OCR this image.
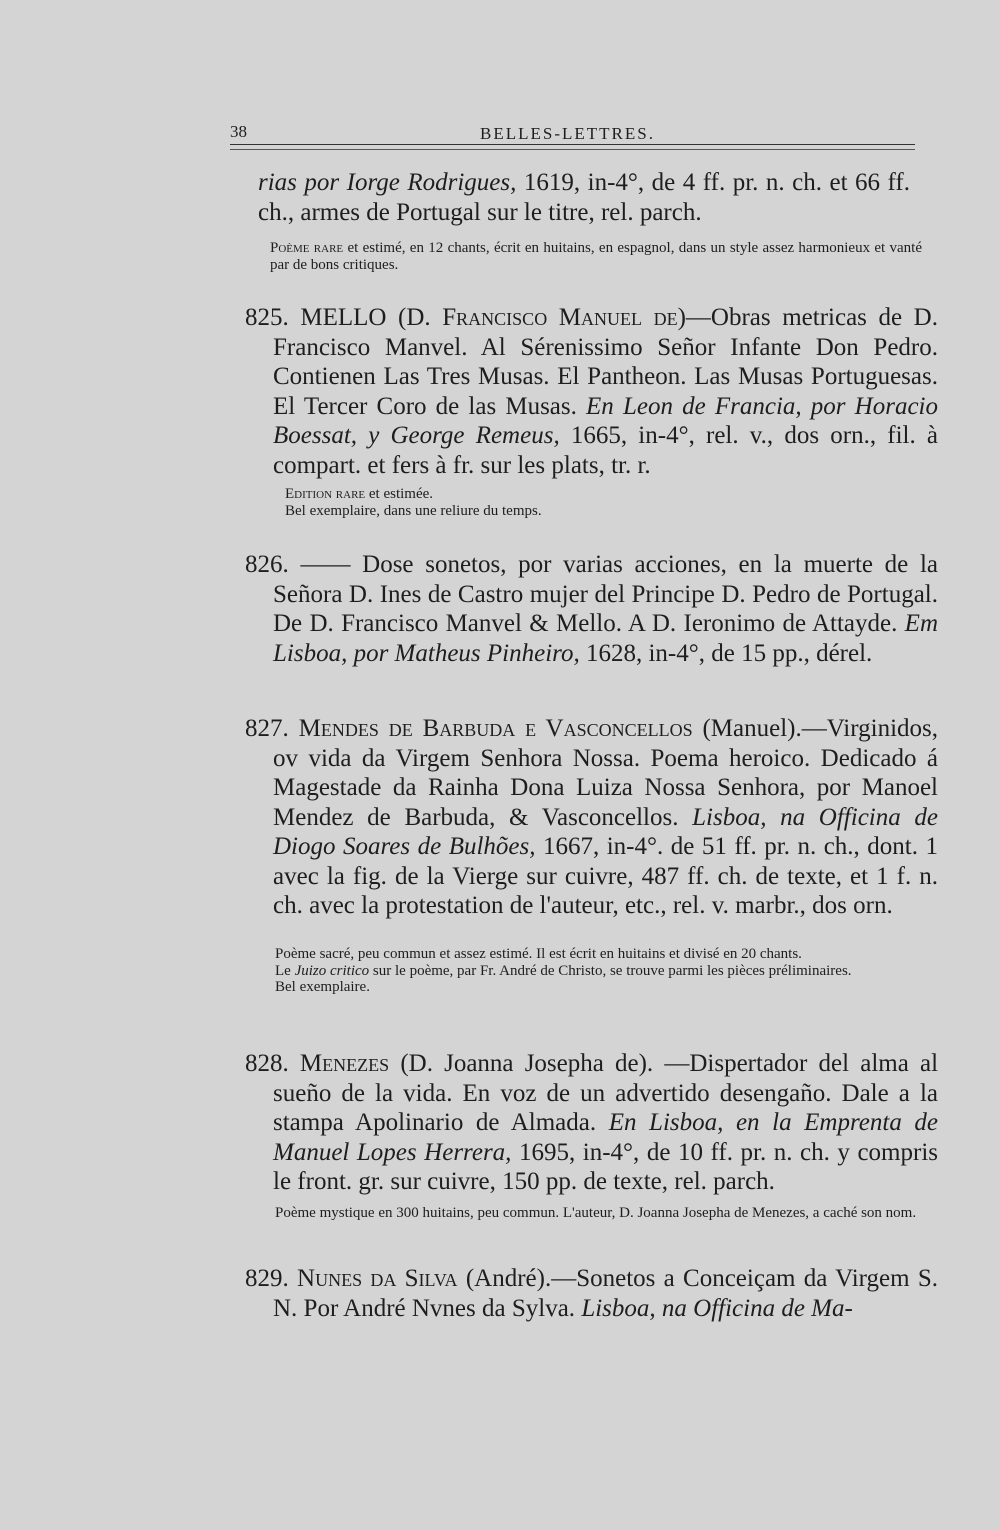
38	BELLES-LETTRES.
rias por Iorge Rodrigues, 1619, in-4°, de 4 ff. pr. n. ch. et 66 ff. ch., armes de Portugal sur le titre, rel. parch.
Poème rare et estimé, en 12 chants, écrit en huitains, en espagnol, dans un style assez harmonieux et vanté par de bons critiques.
825. MELLO (D. Francisco Manuel de)—Obras metricas de D. Francisco Manvel. Al Sérenissimo Señor Infante Don Pedro. Contienen Las Tres Musas. El Pantheon. Las Musas Portuguesas. El Tercer Coro de las Musas. En Leon de Francia, por Horacio Boessat, y George Remeus, 1665, in-4°, rel. v., dos orn., fil. à compart. et fers à fr. sur les plats, tr. r.
Edition rare et estimée.
Bel exemplaire, dans une reliure du temps.
826. —— Dose sonetos, por varias acciones, en la muerte de la Señora D. Ines de Castro mujer del Principe D. Pedro de Portugal. De D. Francisco Manvel & Mello. A D. Ieronimo de Attayde. Em Lisboa, por Matheus Pinheiro, 1628, in-4°, de 15 pp., dérel.
827. Mendes de Barbuda e Vasconcellos (Manuel).—Virginidos, ov vida da Virgem Senhora Nossa. Poema heroico. Dedicado á Magestade da Rainha Dona Luiza Nossa Senhora, por Manoel Mendez de Barbuda, & Vasconcellos. Lisboa, na Officina de Diogo Soares de Bulhões, 1667, in-4°. de 51 ff. pr. n. ch., dont. 1 avec la fig. de la Vierge sur cuivre, 487 ff. ch. de texte, et 1 f. n. ch. avec la protestation de l'auteur, etc., rel. v. marbr., dos orn.
Poème sacré, peu commun et assez estimé. Il est écrit en huitains et divisé en 20 chants.
Le Juizo critico sur le poème, par Fr. André de Christo, se trouve parmi les pièces préliminaires.
Bel exemplaire.
828. Menezes (D. Joanna Josepha de). —Dispertador del alma al sueño de la vida. En voz de un advertido desengaño. Dale a la stampa Apolinario de Almada. En Lisboa, en la Emprenta de Manuel Lopes Herrera, 1695, in-4°, de 10 ff. pr. n. ch. y compris le front. gr. sur cuivre, 150 pp. de texte, rel. parch.
Poème mystique en 300 huitains, peu commun. L'auteur, D. Joanna Josepha de Menezes, a caché son nom.
829. Nunes da Silva (André).—Sonetos a Conceiçam da Virgem S. N. Por André Nvnes da Sylva. Lisboa, na Officina de Ma-
